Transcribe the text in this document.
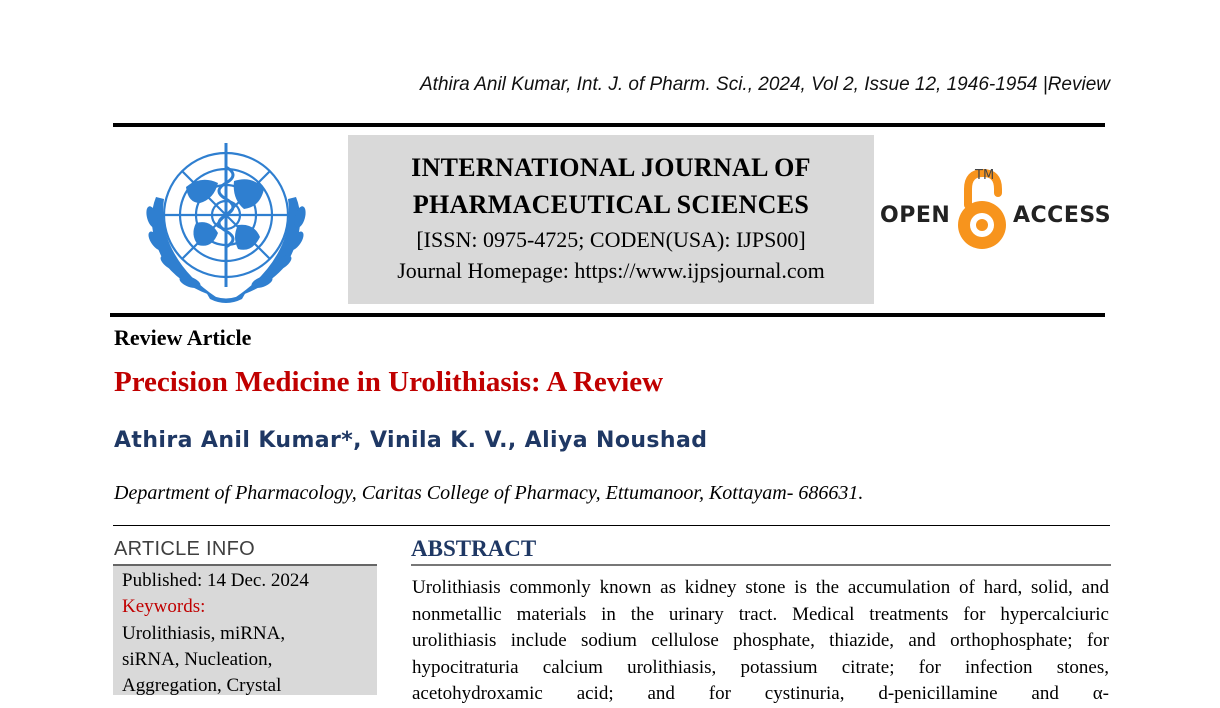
Athira Anil Kumar, Int. J. of Pharm. Sci., 2024, Vol 2, Issue 12, 1946-1954 |Review
INTERNATIONAL JOURNAL OF
PHARMACEUTICAL SCIENCES
[ISSN: 0975-4725; CODEN(USA): IJPS00]
Journal Homepage: https://www.ijpsjournal.com
OPEN
TM
ACCESS
Review Article
Precision Medicine in Urolithiasis: A Review
Athira Anil Kumar*, Vinila K. V., Aliya Noushad
Department of Pharmacology, Caritas College of Pharmacy, Ettumanoor, Kottayam- 686631.
ARTICLE INFO
Published: 14 Dec. 2024
Keywords:
Urolithiasis, miRNA,
siRNA, Nucleation,
Aggregation, Crystal
ABSTRACT
Urolithiasis commonly known as kidney stone is the accumulation of hard, solid, and
nonmetallic materials in the urinary tract. Medical treatments for hypercalciuric
urolithiasis include sodium cellulose phosphate, thiazide, and orthophosphate; for
hypocitraturia calcium urolithiasis, potassium citrate; for infection stones,
acetohydroxamic acid; and for cystinuria, d-penicillamine and α-
